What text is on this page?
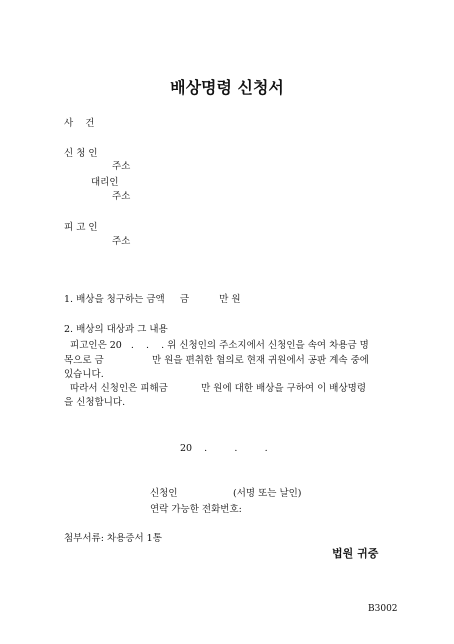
배상명령 신청서
사    건
신 청 인
주소
대리인
주소
피 고 인
주소
1. 배상을 청구하는 금액     금          만 원
2. 배상의 대상과 그 내용
피고인은 20   .    .    . 위 신청인의 주소지에서 신청인을 속여 차용금 명
목으로 금                만 원을 편취한 혐의로 현재 귀원에서 공판 계속 중에
있습니다.
따라서 신청인은 피해금           만 원에 대한 배상을 구하여 이 배상명령
을 신청합니다.
20    .         .         .
신청인	(서명 또는 날인)
연락 가능한 전화번호:
첨부서류: 차용증서 1통
법원 귀중
B3002
